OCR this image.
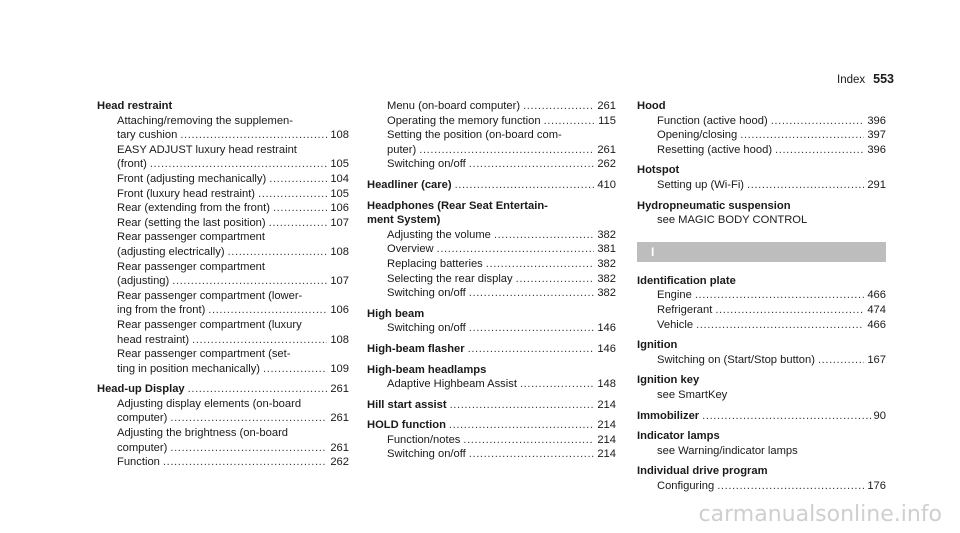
Index 553
Head restraint
Attaching/removing the supplemen-
tary cushion .....	108
EASY ADJUST luxury head restraint
(front) .....	105
Front (adjusting mechanically) .....	104
Front (luxury head restraint) .....	105
Rear (extending from the front) .....	106
Rear (setting the last position) .....	107
Rear passenger compartment
(adjusting electrically) .....	108
Rear passenger compartment
(adjusting) .....	107
Rear passenger compartment (lower-
ing from the front) .....	106
Rear passenger compartment (luxury
head restraint) .....	108
Rear passenger compartment (set-
ting in position mechanically) .....	109
Head-up Display .....	261
Adjusting display elements (on-board
computer) .....	261
Adjusting the brightness (on-board
computer) .....	261
Function .....	262
Menu (on-board computer) .....	261
Operating the memory function .....	115
Setting the position (on-board com-
puter) .....	261
Switching on/off .....	262
Headliner (care) .....	410
Headphones (Rear Seat Entertain-
ment System)
Adjusting the volume .....	382
Overview .....	381
Replacing batteries .....	382
Selecting the rear display .....	382
Switching on/off .....	382
High beam
Switching on/off .....	146
High-beam flasher .....	146
High-beam headlamps
Adaptive Highbeam Assist .....	148
Hill start assist .....	214
HOLD function .....	214
Function/notes .....	214
Switching on/off .....	214
Hood
Function (active hood) .....	396
Opening/closing .....	397
Resetting (active hood) .....	396
Hotspot
Setting up (Wi-Fi) .....	291
Hydropneumatic suspension
see MAGIC BODY CONTROL
I
Identification plate
Engine .....	466
Refrigerant .....	474
Vehicle .....	466
Ignition
Switching on (Start/Stop button) .....	167
Ignition key
see SmartKey
Immobilizer .....	90
Indicator lamps
see Warning/indicator lamps
Individual drive program
Configuring .....	176
carmanualsonline.info
